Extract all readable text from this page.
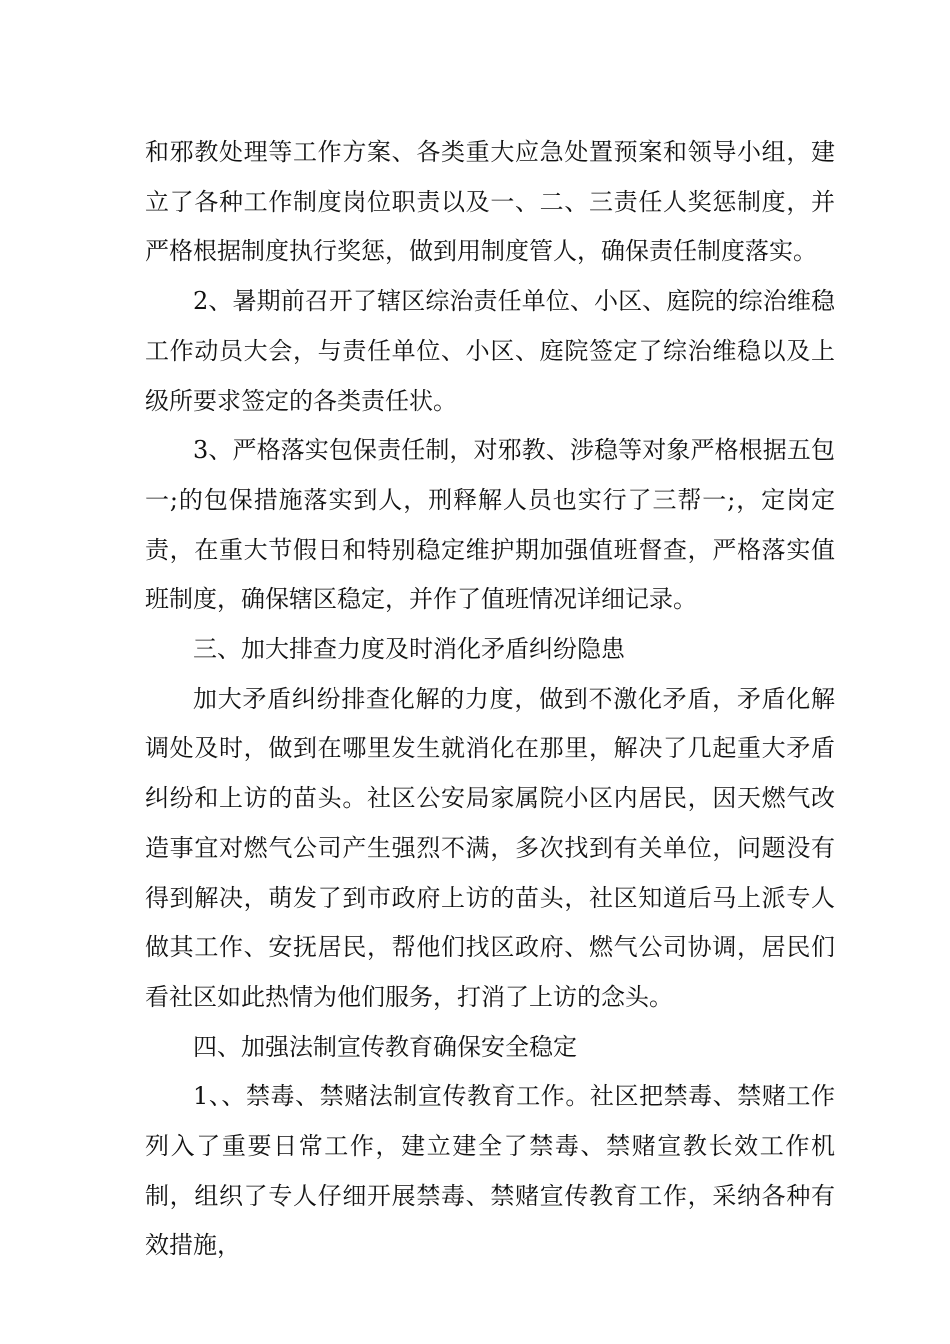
和邪教处理等工作方案、各类重大应急处置预案和领导小组，建立了各种工作制度岗位职责以及一、二、三责任人奖惩制度，并严格根据制度执行奖惩，做到用制度管人，确保责任制度落实。

2、暑期前召开了辖区综治责任单位、小区、庭院的综治维稳工作动员大会，与责任单位、小区、庭院签定了综治维稳以及上级所要求签定的各类责任状。

3、严格落实包保责任制，对邪教、涉稳等对象严格根据五包一;的包保措施落实到人，刑释解人员也实行了三帮一;，定岗定责，在重大节假日和特别稳定维护期加强值班督查，严格落实值班制度，确保辖区稳定，并作了值班情况详细记录。

三、加大排查力度及时消化矛盾纠纷隐患

加大矛盾纠纷排查化解的力度，做到不激化矛盾，矛盾化解调处及时，做到在哪里发生就消化在那里，解决了几起重大矛盾纠纷和上访的苗头。社区公安局家属院小区内居民，因天燃气改造事宜对燃气公司产生强烈不满，多次找到有关单位，问题没有得到解决，萌发了到市政府上访的苗头，社区知道后马上派专人做其工作、安抚居民，帮他们找区政府、燃气公司协调，居民们看社区如此热情为他们服务，打消了上访的念头。

四、加强法制宣传教育确保安全稳定

1、、禁毒、禁赌法制宣传教育工作。社区把禁毒、禁赌工作列入了重要日常工作，建立建全了禁毒、禁赌宣教长效工作机制，组织了专人仔细开展禁毒、禁赌宣传教育工作，采纳各种有效措施，
